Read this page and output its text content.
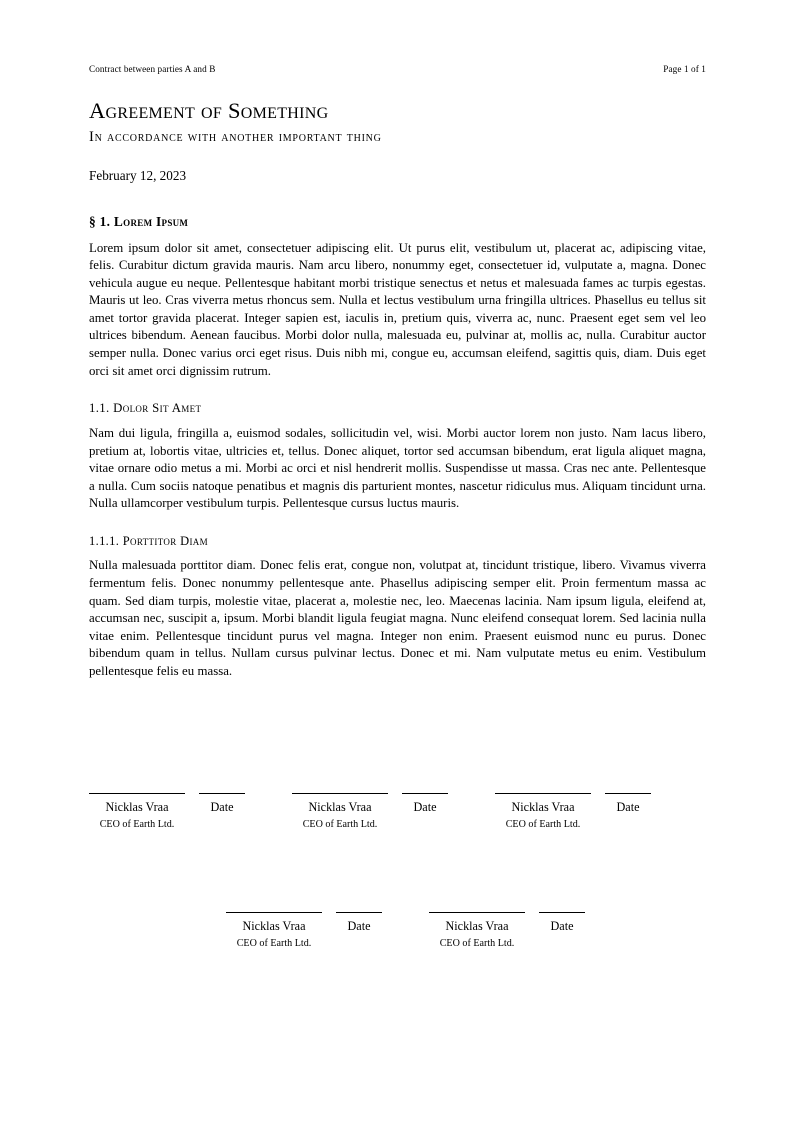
Contract between parties A and B	Page 1 of 1
Agreement of Something
In accordance with another important thing
February 12, 2023
§ 1. Lorem Ipsum

Lorem ipsum dolor sit amet, consectetuer adipiscing elit. Ut purus elit, vestibulum ut, placerat ac, adipiscing vitae, felis. Curabitur dictum gravida mauris. Nam arcu libero, nonummy eget, consectetuer id, vulputate a, magna. Donec vehicula augue eu neque. Pellentesque habitant morbi tristique senectus et netus et malesuada fames ac turpis egestas. Mauris ut leo. Cras viverra metus rhoncus sem. Nulla et lectus vestibulum urna fringilla ultrices. Phasellus eu tellus sit amet tortor gravida placerat. Integer sapien est, iaculis in, pretium quis, viverra ac, nunc. Praesent eget sem vel leo ultrices bibendum. Aenean faucibus. Morbi dolor nulla, malesuada eu, pulvinar at, mollis ac, nulla. Curabitur auctor semper nulla. Donec varius orci eget risus. Duis nibh mi, congue eu, accumsan eleifend, sagittis quis, diam. Duis eget orci sit amet orci dignissim rutrum.

1.1. Dolor Sit Amet

Nam dui ligula, fringilla a, euismod sodales, sollicitudin vel, wisi. Morbi auctor lorem non justo. Nam lacus libero, pretium at, lobortis vitae, ultricies et, tellus. Donec aliquet, tortor sed accumsan bibendum, erat ligula aliquet magna, vitae ornare odio metus a mi. Morbi ac orci et nisl hendrerit mollis. Suspendisse ut massa. Cras nec ante. Pellentesque a nulla. Cum sociis natoque penatibus et magnis dis parturient montes, nascetur ridiculus mus. Aliquam tincidunt urna. Nulla ullamcorper vestibulum turpis. Pellentesque cursus luctus mauris.

1.1.1. Porttitor Diam

Nulla malesuada porttitor diam. Donec felis erat, congue non, volutpat at, tincidunt tristique, libero. Vivamus viverra fermentum felis. Donec nonummy pellentesque ante. Phasellus adipiscing semper elit. Proin fermentum massa ac quam. Sed diam turpis, molestie vitae, placerat a, molestie nec, leo. Maecenas lacinia. Nam ipsum ligula, eleifend at, accumsan nec, suscipit a, ipsum. Morbi blandit ligula feugiat magna. Nunc eleifend consequat lorem. Sed lacinia nulla vitae enim. Pellentesque tincidunt purus vel magna. Integer non enim. Praesent euismod nunc eu purus. Donec bibendum quam in tellus. Nullam cursus pulvinar lectus. Donec et mi. Nam vulputate metus eu enim. Vestibulum pellentesque felis eu massa.

Nicklas Vraa
CEO of Earth Ltd.
Date	Nicklas Vraa
CEO of Earth Ltd.
Date	Nicklas Vraa
CEO of Earth Ltd.
Date
Nicklas Vraa
CEO of Earth Ltd.
Date	Nicklas Vraa
CEO of Earth Ltd.
Date
